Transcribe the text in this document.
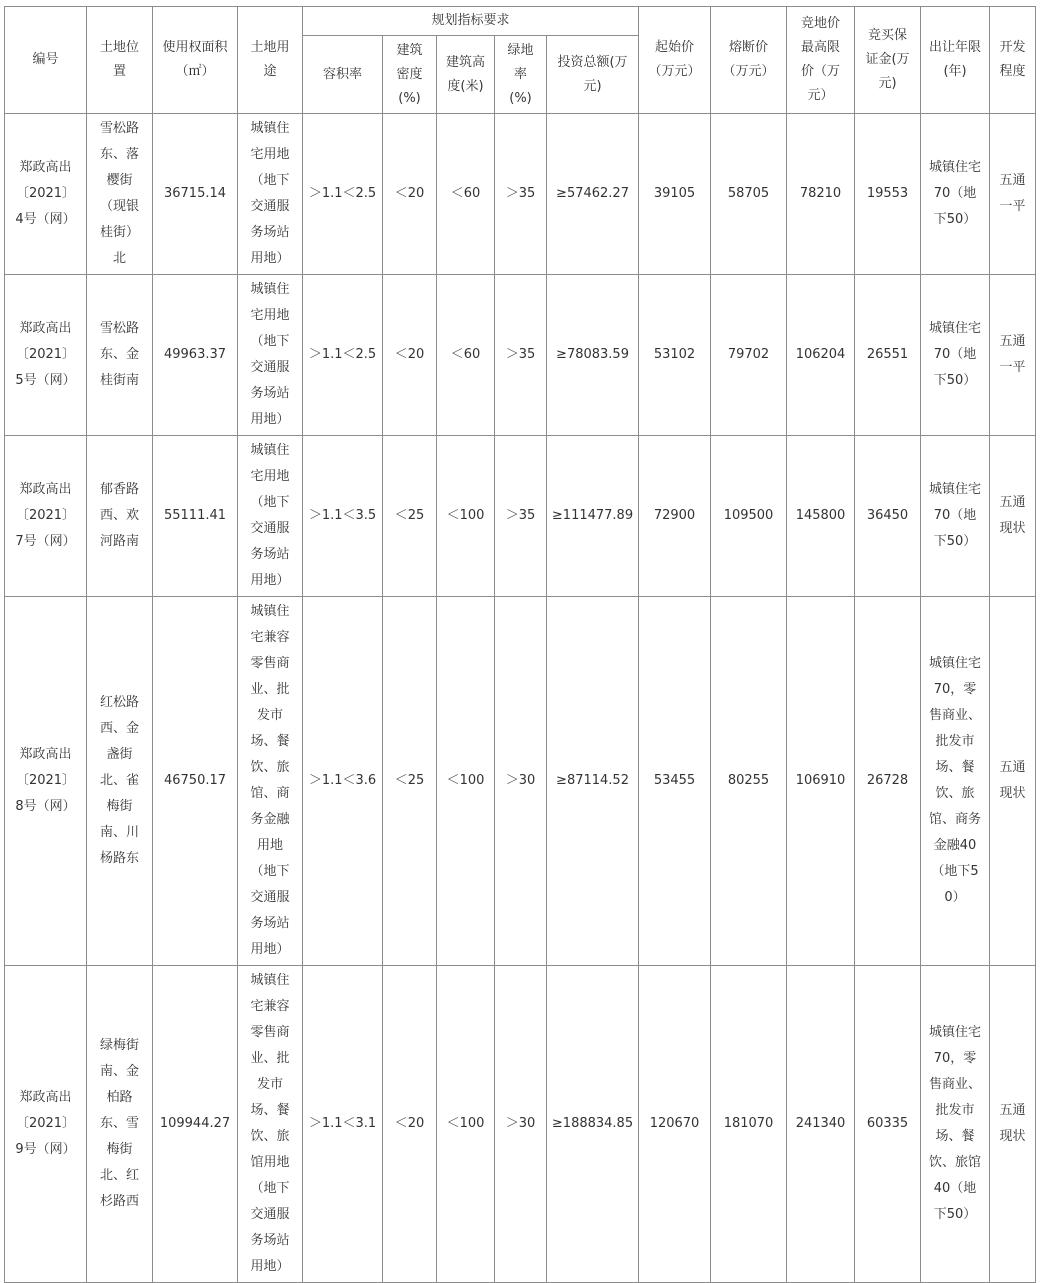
编号	土地位置	使用权面积（㎡）	土地用途	规划指标要求					起始价（万元）	熔断价（万元）	竞地价最高限价（万元）	竞买保证金(万元)	出让年限(年)	开发程度
				容积率	建筑密度(%)	建筑高度(米)	绿地率(%)	投资总额(万元)						
郑政高出〔2021〕4号（网）	雪松路东、落樱街（现银桂街）北	36715.14	城镇住宅用地（地下交通服务场站用地）	＞1.1＜2.5	＜20	＜60	＞35	≥57462.27	39105	58705	78210	19553	城镇住宅70（地下50）	五通一平
郑政高出〔2021〕5号（网）	雪松路东、金桂街南	49963.37	城镇住宅用地（地下交通服务场站用地）	＞1.1＜2.5	＜20	＜60	＞35	≥78083.59	53102	79702	106204	26551	城镇住宅70（地下50）	五通一平
郑政高出〔2021〕7号（网）	郁香路西、欢河路南	55111.41	城镇住宅用地（地下交通服务场站用地）	＞1.1＜3.5	＜25	＜100	＞35	≥111477.89	72900	109500	145800	36450	城镇住宅70（地下50）	五通现状
郑政高出〔2021〕8号（网）	红松路西、金盏街北、雀梅街南、川杨路东	46750.17	城镇住宅兼容零售商业、批发市场、餐饮、旅馆、商务金融用地（地下交通服务场站用地）	＞1.1＜3.6	＜25	＜100	＞30	≥87114.52	53455	80255	106910	26728	城镇住宅70，零售商业、批发市场、餐饮、旅馆、商务金融40（地下50）	五通现状
郑政高出〔2021〕9号（网）	绿梅街南、金柏路东、雪梅街北、红杉路西	109944.27	城镇住宅兼容零售商业、批发市场、餐饮、旅馆用地（地下交通服务场站用地）	＞1.1＜3.1	＜20	＜100	＞30	≥188834.85	120670	181070	241340	60335	城镇住宅70，零售商业、批发市场、餐饮、旅馆40（地下50）	五通现状
